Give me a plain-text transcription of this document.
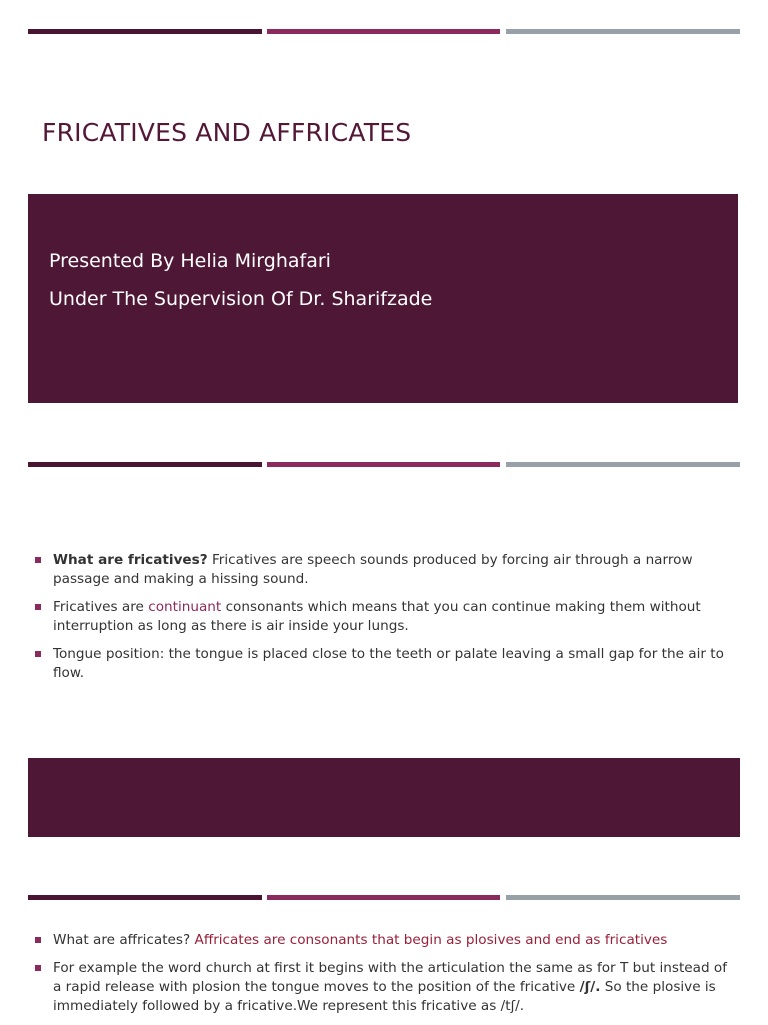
FRICATIVES AND AFFRICATES
Presented By Helia Mirghafari
Under The Supervision Of Dr. Sharifzade
What are fricatives? Fricatives are speech sounds produced by forcing air through a narrow passage and making a hissing sound.
Fricatives are continuant consonants which means that you can continue making them without interruption as long as there is air inside your lungs.
Tongue position: the tongue is placed close to the teeth or palate leaving a small gap for the air to flow.
What are affricates? Affricates are consonants that begin as plosives and end as fricatives
For example the word church at first it begins with the articulation the same as for T but instead of a rapid release with plosion the tongue moves to the position of the fricative /ʃ/. So the plosive is immediately followed by a fricative.We represent this fricative as /tʃ/.
